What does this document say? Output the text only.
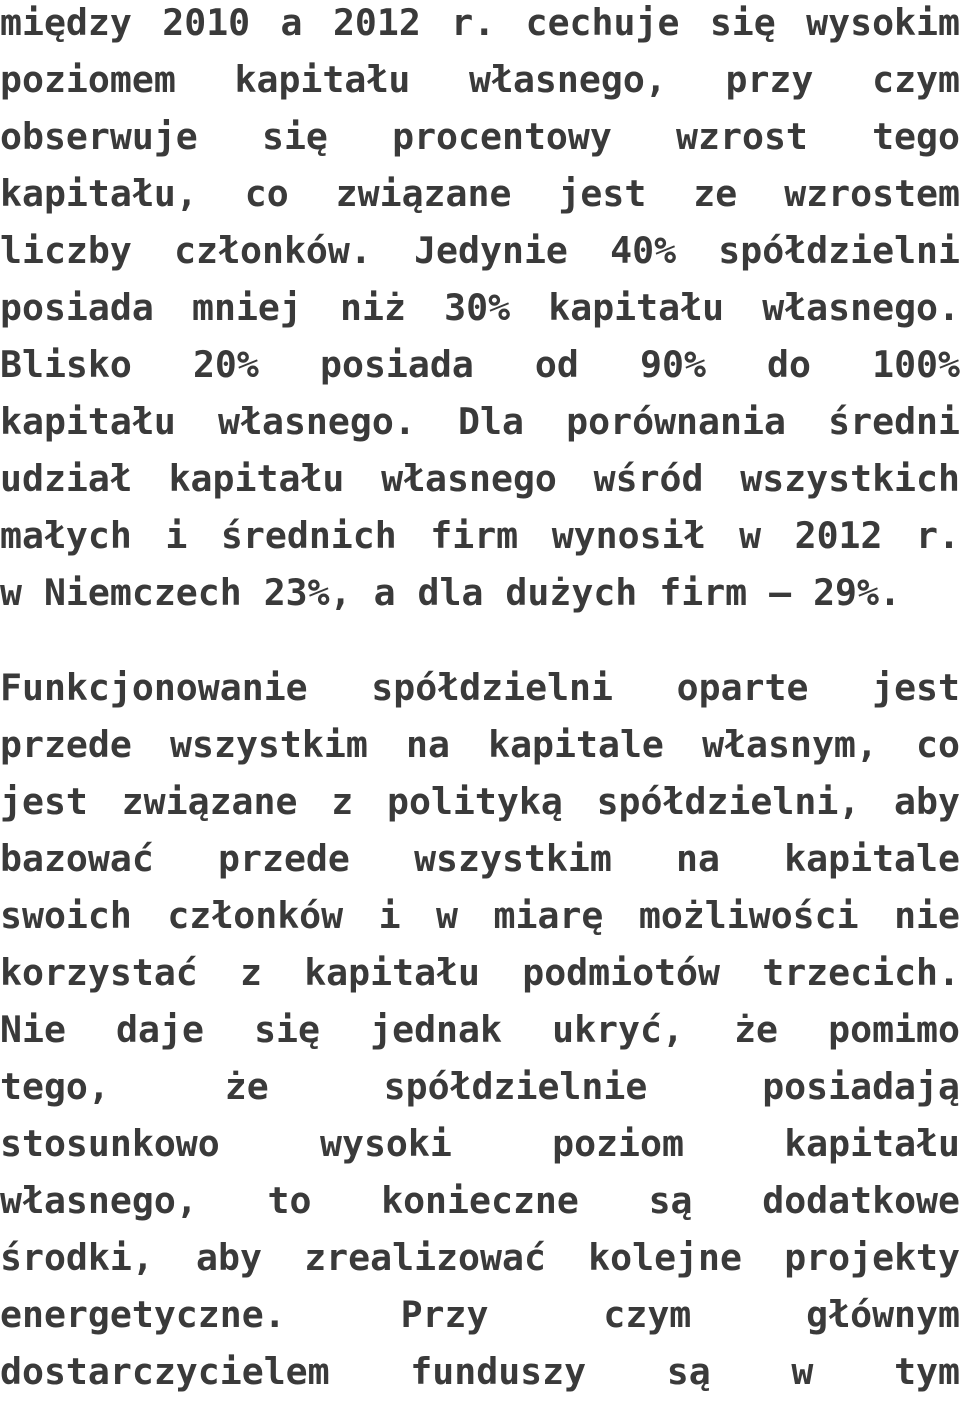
między 2010 a 2012 r. cechuje się wysokim
poziomem kapitału własnego, przy czym
obserwuje się procentowy wzrost tego
kapitału, co związane jest ze wzrostem
liczby członków. Jedynie 40% spółdzielni
posiada mniej niż 30% kapitału własnego.
Blisko 20% posiada od 90% do 100%
kapitału własnego. Dla porównania średni
udział kapitału własnego wśród wszystkich
małych i średnich firm wynosił w 2012 r.
w Niemczech 23%, a dla dużych firm – 29%.
Funkcjonowanie spółdzielni oparte jest
przede wszystkim na kapitale własnym, co
jest związane z polityką spółdzielni, aby
bazować przede wszystkim na kapitale
swoich członków i w miarę możliwości nie
korzystać z kapitału podmiotów trzecich.
Nie daje się jednak ukryć, że pomimo
tego, że spółdzielnie posiadają
stosunkowo wysoki poziom kapitału
własnego, to konieczne są dodatkowe
środki, aby zrealizować kolejne projekty
energetyczne. Przy czym głównym
dostarczycielem funduszy są w tym
